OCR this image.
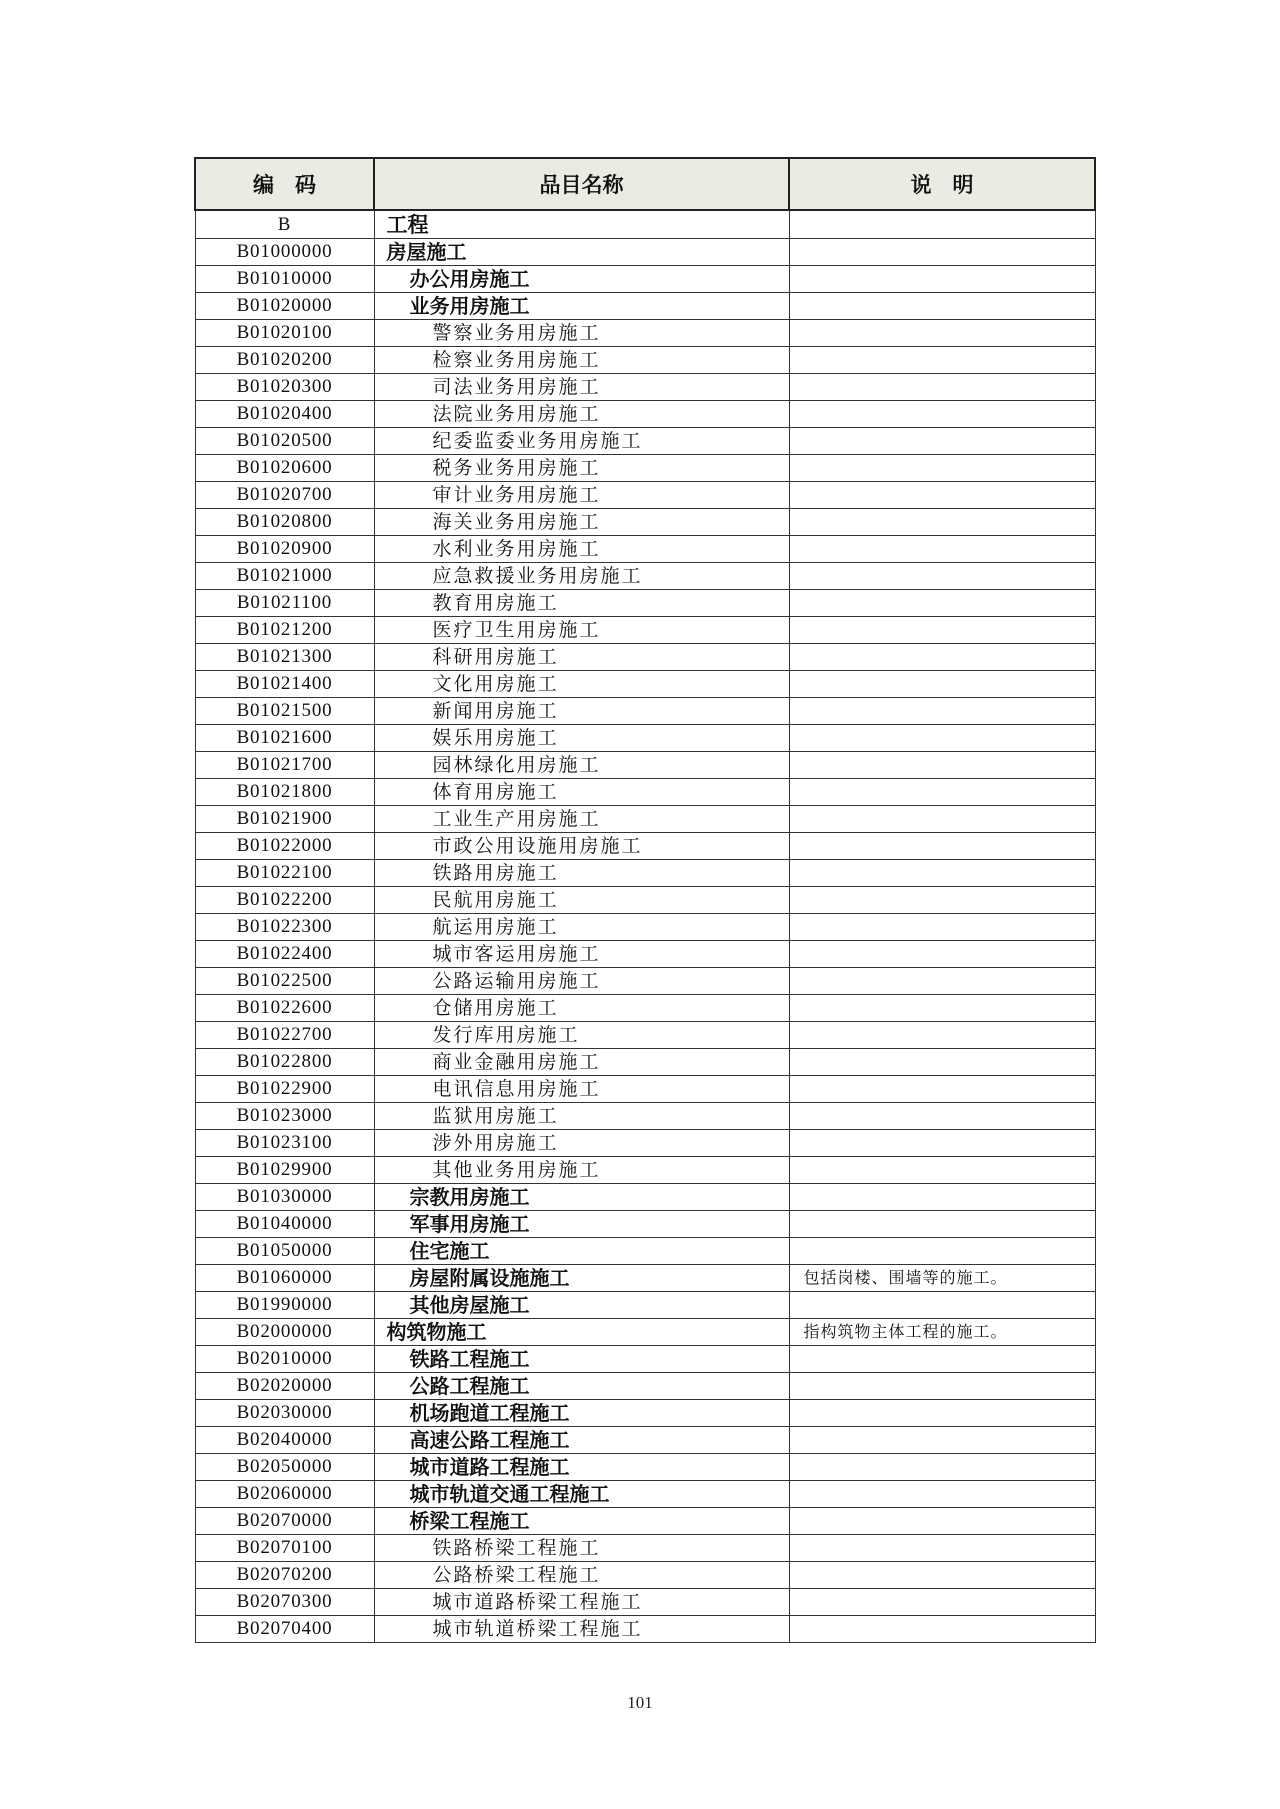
编　码	品目名称	说　明
B	工程	
B01000000	房屋施工	
B01010000	办公用房施工	
B01020000	业务用房施工	
B01020100	警察业务用房施工	
B01020200	检察业务用房施工	
B01020300	司法业务用房施工	
B01020400	法院业务用房施工	
B01020500	纪委监委业务用房施工	
B01020600	税务业务用房施工	
B01020700	审计业务用房施工	
B01020800	海关业务用房施工	
B01020900	水利业务用房施工	
B01021000	应急救援业务用房施工	
B01021100	教育用房施工	
B01021200	医疗卫生用房施工	
B01021300	科研用房施工	
B01021400	文化用房施工	
B01021500	新闻用房施工	
B01021600	娱乐用房施工	
B01021700	园林绿化用房施工	
B01021800	体育用房施工	
B01021900	工业生产用房施工	
B01022000	市政公用设施用房施工	
B01022100	铁路用房施工	
B01022200	民航用房施工	
B01022300	航运用房施工	
B01022400	城市客运用房施工	
B01022500	公路运输用房施工	
B01022600	仓储用房施工	
B01022700	发行库用房施工	
B01022800	商业金融用房施工	
B01022900	电讯信息用房施工	
B01023000	监狱用房施工	
B01023100	涉外用房施工	
B01029900	其他业务用房施工	
B01030000	宗教用房施工	
B01040000	军事用房施工	
B01050000	住宅施工	
B01060000	房屋附属设施施工	包括岗楼、围墙等的施工。
B01990000	其他房屋施工	
B02000000	构筑物施工	指构筑物主体工程的施工。
B02010000	铁路工程施工	
B02020000	公路工程施工	
B02030000	机场跑道工程施工	
B02040000	高速公路工程施工	
B02050000	城市道路工程施工	
B02060000	城市轨道交通工程施工	
B02070000	桥梁工程施工	
B02070100	铁路桥梁工程施工	
B02070200	公路桥梁工程施工	
B02070300	城市道路桥梁工程施工	
B02070400	城市轨道桥梁工程施工	
101
